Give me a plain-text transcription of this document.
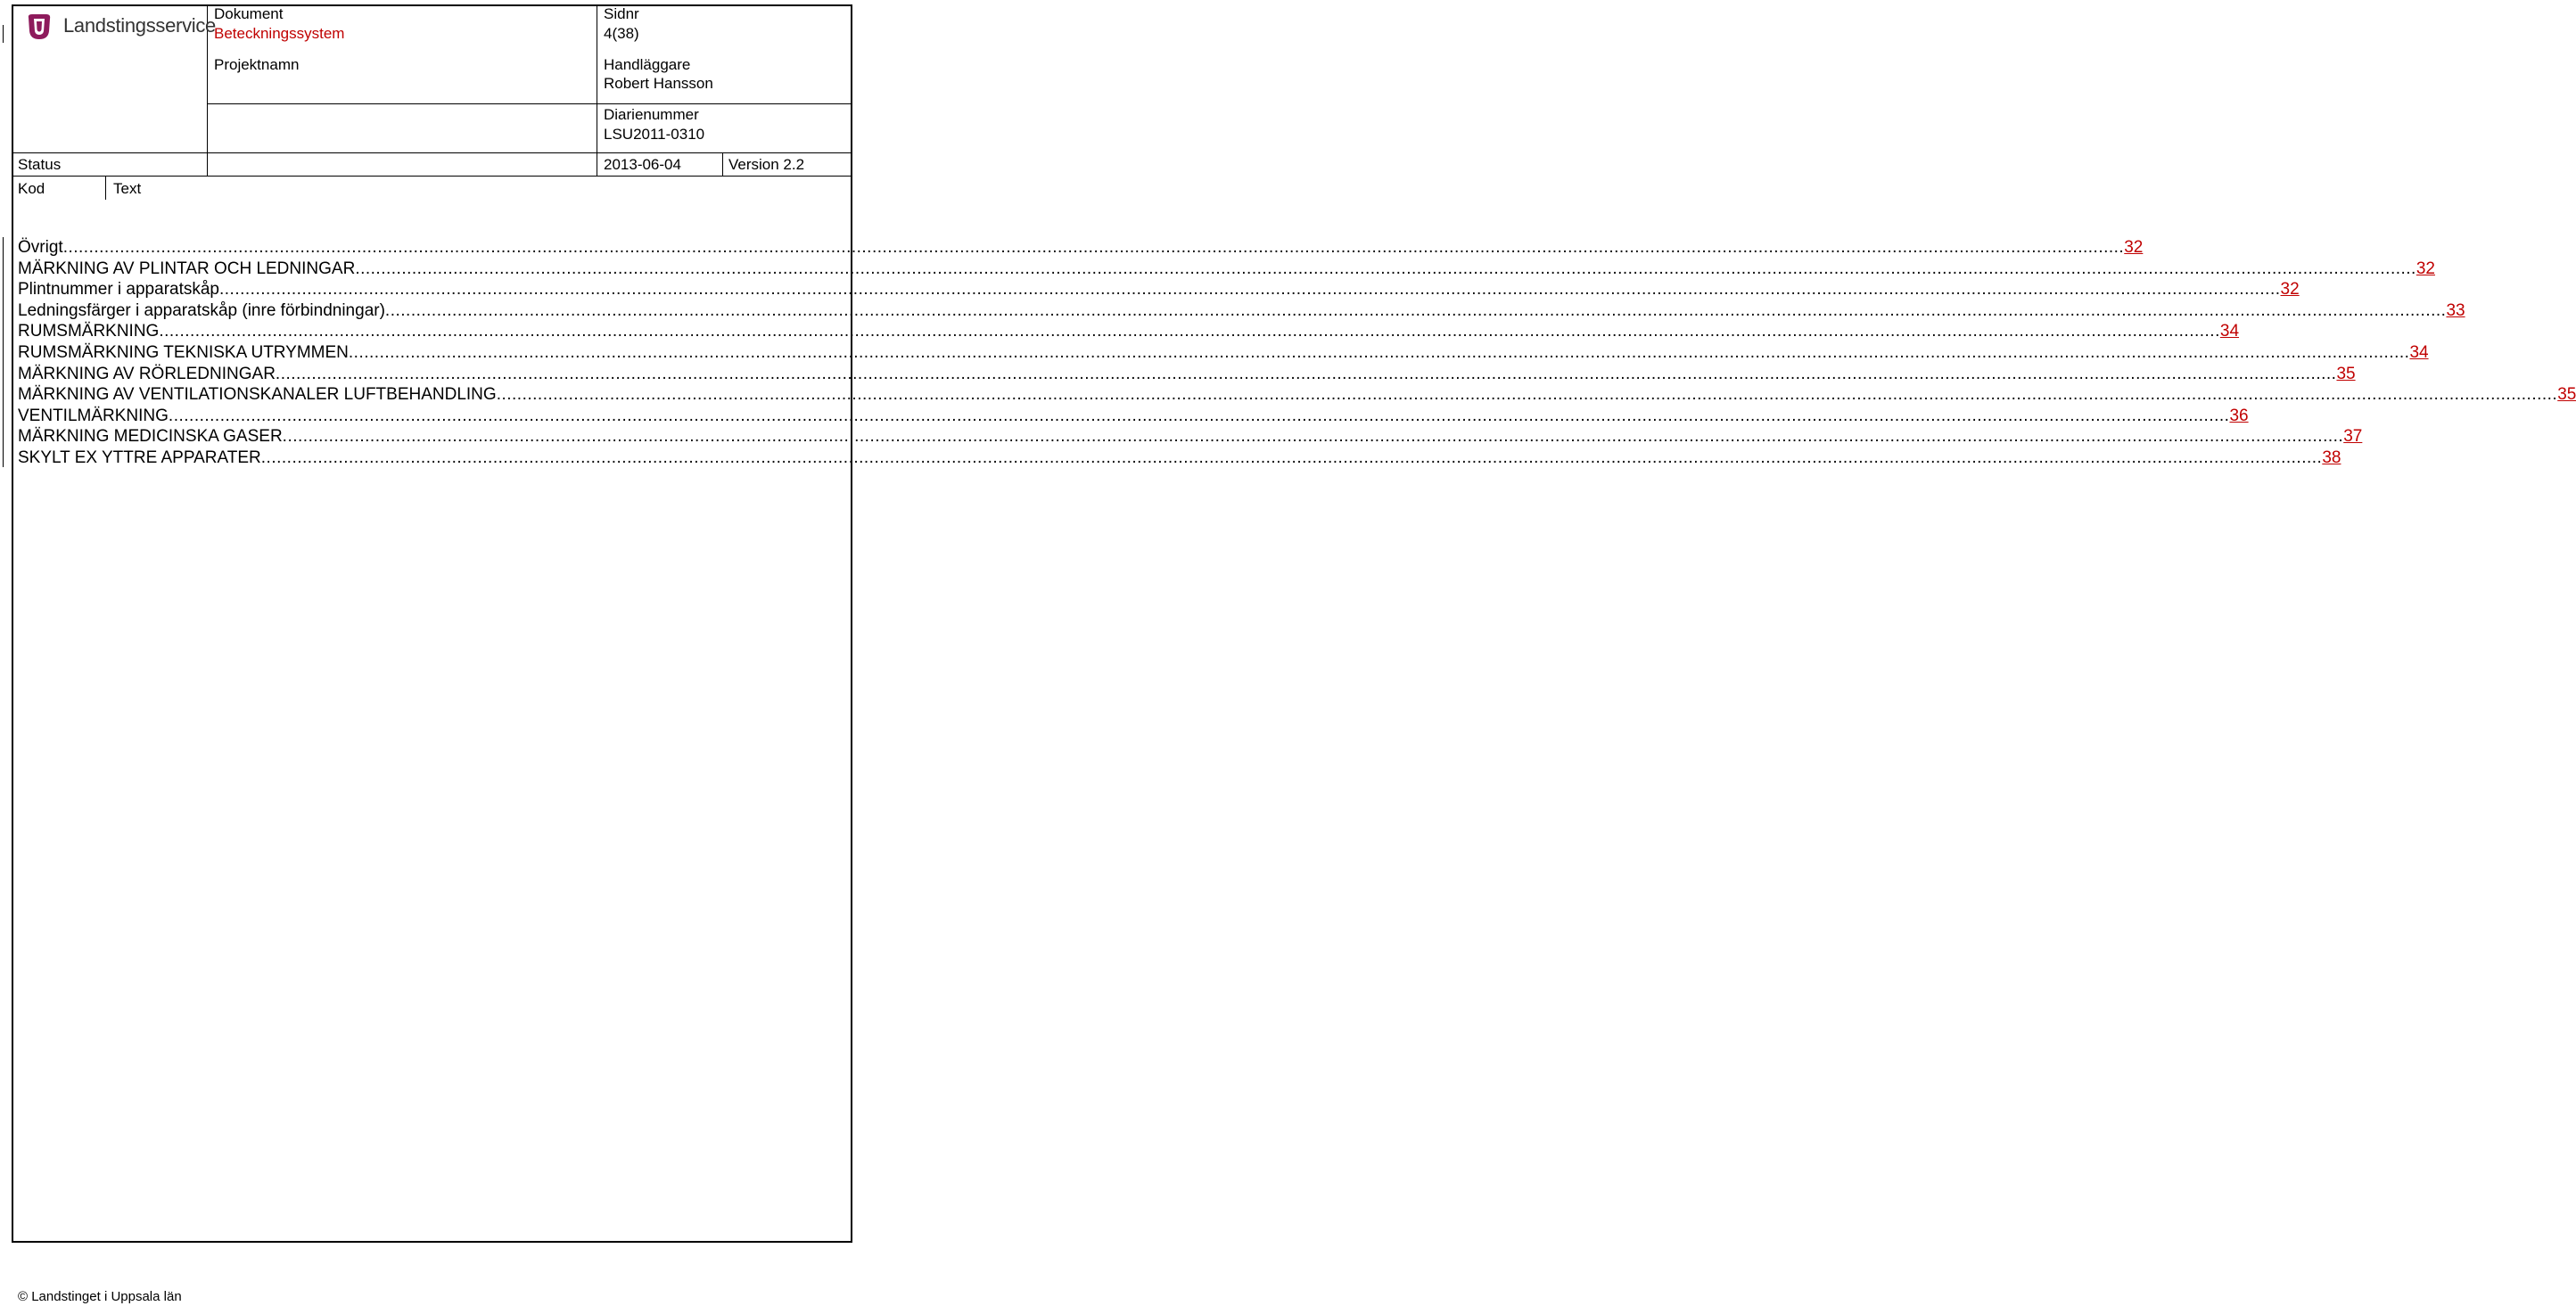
Landstingsservice
Dokument
Beteckningssystem
Projektnamn
Sidnr
4(38)
Handläggare
Robert Hansson
Diarienummer
LSU2011-0310
Status	2013-06-04	Version 2.2
Kod	Text
Övrigt ................................................................................................................................................................................................................................................................................................................................................................................................................ 32
MÄRKNING AV PLINTAR OCH LEDNINGAR ................................................................................................................................................................................................................................................................................................................................................................................................................ 32
Plintnummer i apparatskåp ................................................................................................................................................................................................................................................................................................................................................................................................................ 32
Ledningsfärger i apparatskåp (inre förbindningar) ................................................................................................................................................................................................................................................................................................................................................................................................................ 33
RUMSMÄRKNING ................................................................................................................................................................................................................................................................................................................................................................................................................ 34
RUMSMÄRKNING TEKNISKA UTRYMMEN ................................................................................................................................................................................................................................................................................................................................................................................................................ 34
MÄRKNING AV RÖRLEDNINGAR ................................................................................................................................................................................................................................................................................................................................................................................................................ 35
MÄRKNING AV VENTILATIONSKANALER LUFTBEHANDLING ................................................................................................................................................................................................................................................................................................................................................................................................................ 35
VENTILMÄRKNING ................................................................................................................................................................................................................................................................................................................................................................................................................ 36
MÄRKNING MEDICINSKA GASER ................................................................................................................................................................................................................................................................................................................................................................................................................ 37
SKYLT EX YTTRE APPARATER ................................................................................................................................................................................................................................................................................................................................................................................................................ 38
© Landstinget i Uppsala län
